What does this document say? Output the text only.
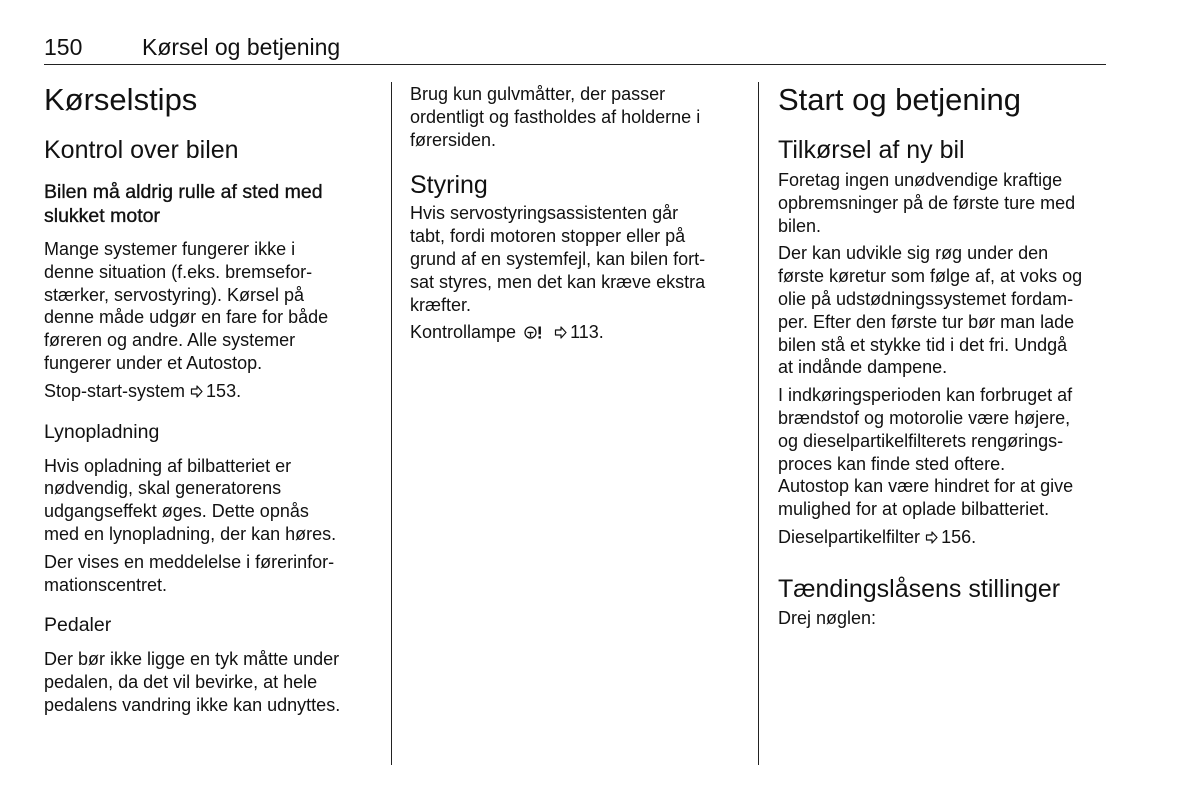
150	Kørsel og betjening
Kørselstips
Kontrol over bilen
Bilen må aldrig rulle af sted med
slukket motor

Mange systemer fungerer ikke i
denne situation (f.eks. bremsefor-
stærker, servostyring). Kørsel på
denne måde udgør en fare for både
føreren og andre. Alle systemer
fungerer under et Autostop.

Stop-start-system 153.

Lynopladning

Hvis opladning af bilbatteriet er
nødvendig, skal generatorens
udgangseffekt øges. Dette opnås
med en lynopladning, der kan høres.

Der vises en meddelelse i førerinfor-
mationscentret.

Pedaler

Der bør ikke ligge en tyk måtte under
pedalen, da det vil bevirke, at hele
pedalens vandring ikke kan udnyttes.

Brug kun gulvmåtter, der passer
ordentligt og fastholdes af holderne i
førersiden.

Styring

Hvis servostyringsassistenten går
tabt, fordi motoren stopper eller på
grund af en systemfejl, kan bilen fort-
sat styres, men det kan kræve ekstra
kræfter.

Kontrollampe	113.

Start og betjening
Tilkørsel af ny bil

Foretag ingen unødvendige kraftige
opbremsninger på de første ture med
bilen.

Der kan udvikle sig røg under den
første køretur som følge af, at voks og
olie på udstødningssystemet fordam-
per. Efter den første tur bør man lade
bilen stå et stykke tid i det fri. Undgå
at indånde dampene.

I indkøringsperioden kan forbruget af
brændstof og motorolie være højere,
og dieselpartikelfilterets rengørings-
proces kan finde sted oftere.
Autostop kan være hindret for at give
mulighed for at oplade bilbatteriet.

Dieselpartikelfilter 156.

Tændingslåsens stillinger

Drej nøglen:
